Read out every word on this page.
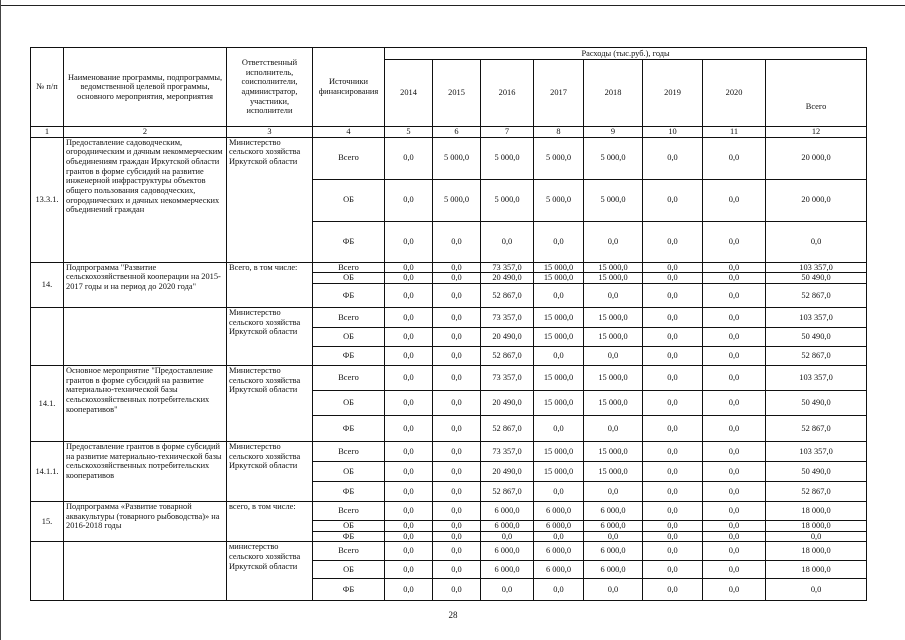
№ п/п	Наименование программы, подпрограммы, ведомственной целевой программы, основного мероприятия, мероприятия	Ответственный исполнитель, соисполнители, администратор, участники, исполнители	Источники финансирования	Расходы (тыс.руб.), годы							
				2014	2015	2016	2017	2018	2019	2020	Всего
1	2	3	4	5	6	7	8	9	10	11	12
13.3.1.	Предоставление садоводческим, огородническим и дачным некоммерческим объединениям граждан Иркутской области грантов в форме субсидий на развитие инженерной инфраструктуры объектов общего пользования садоводческих, огороднических и дачных некоммерческих объединений граждан	Министерство сельского хозяйства Иркутской области	Всего	0,0	5 000,0	5 000,0	5 000,0	5 000,0	0,0	0,0	20 000,0
			ОБ	0,0	5 000,0	5 000,0	5 000,0	5 000,0	0,0	0,0	20 000,0
			ФБ	0,0	0,0	0,0	0,0	0,0	0,0	0,0	0,0
14.	Подпрограмма "Развитие сельскохозяйственной кооперации на 2015-2017 годы и на период до 2020 года"	Всего, в том числе:	Всего	0,0	0,0	73 357,0	15 000,0	15 000,0	0,0	0,0	103 357,0
			ОБ	0,0	0,0	20 490,0	15 000,0	15 000,0	0,0	0,0	50 490,0
			ФБ	0,0	0,0	52 867,0	0,0	0,0	0,0	0,0	52 867,0
		Министерство сельского хозяйства Иркутской области	Всего	0,0	0,0	73 357,0	15 000,0	15 000,0	0,0	0,0	103 357,0
			ОБ	0,0	0,0	20 490,0	15 000,0	15 000,0	0,0	0,0	50 490,0
			ФБ	0,0	0,0	52 867,0	0,0	0,0	0,0	0,0	52 867,0
14.1.	Основное мероприятие "Предоставление грантов в форме субсидий на развитие материально-технической базы сельскохозяйственных потребительских кооперативов"	Министерство сельского хозяйства Иркутской области	Всего	0,0	0,0	73 357,0	15 000,0	15 000,0	0,0	0,0	103 357,0
			ОБ	0,0	0,0	20 490,0	15 000,0	15 000,0	0,0	0,0	50 490,0
			ФБ	0,0	0,0	52 867,0	0,0	0,0	0,0	0,0	52 867,0
14.1.1.	Предоставление грантов в форме субсидий на развитие материально-технической базы сельскохозяйственных потребительских кооперативов	Министерство сельского хозяйства Иркутской области	Всего	0,0	0,0	73 357,0	15 000,0	15 000,0	0,0	0,0	103 357,0
			ОБ	0,0	0,0	20 490,0	15 000,0	15 000,0	0,0	0,0	50 490,0
			ФБ	0,0	0,0	52 867,0	0,0	0,0	0,0	0,0	52 867,0
15.	Подпрограмма «Развитие товарной аквакультуры (товарного рыбоводства)» на 2016-2018 годы	всего, в том числе:	Всего	0,0	0,0	6 000,0	6 000,0	6 000,0	0,0	0,0	18 000,0
			ОБ	0,0	0,0	6 000,0	6 000,0	6 000,0	0,0	0,0	18 000,0
			ФБ	0,0	0,0	0,0	0,0	0,0	0,0	0,0	0,0
		министерство сельского хозяйства Иркутской области	Всего	0,0	0,0	6 000,0	6 000,0	6 000,0	0,0	0,0	18 000,0
			ОБ	0,0	0,0	6 000,0	6 000,0	6 000,0	0,0	0,0	18 000,0
			ФБ	0,0	0,0	0,0	0,0	0,0	0,0	0,0	0,0
28
